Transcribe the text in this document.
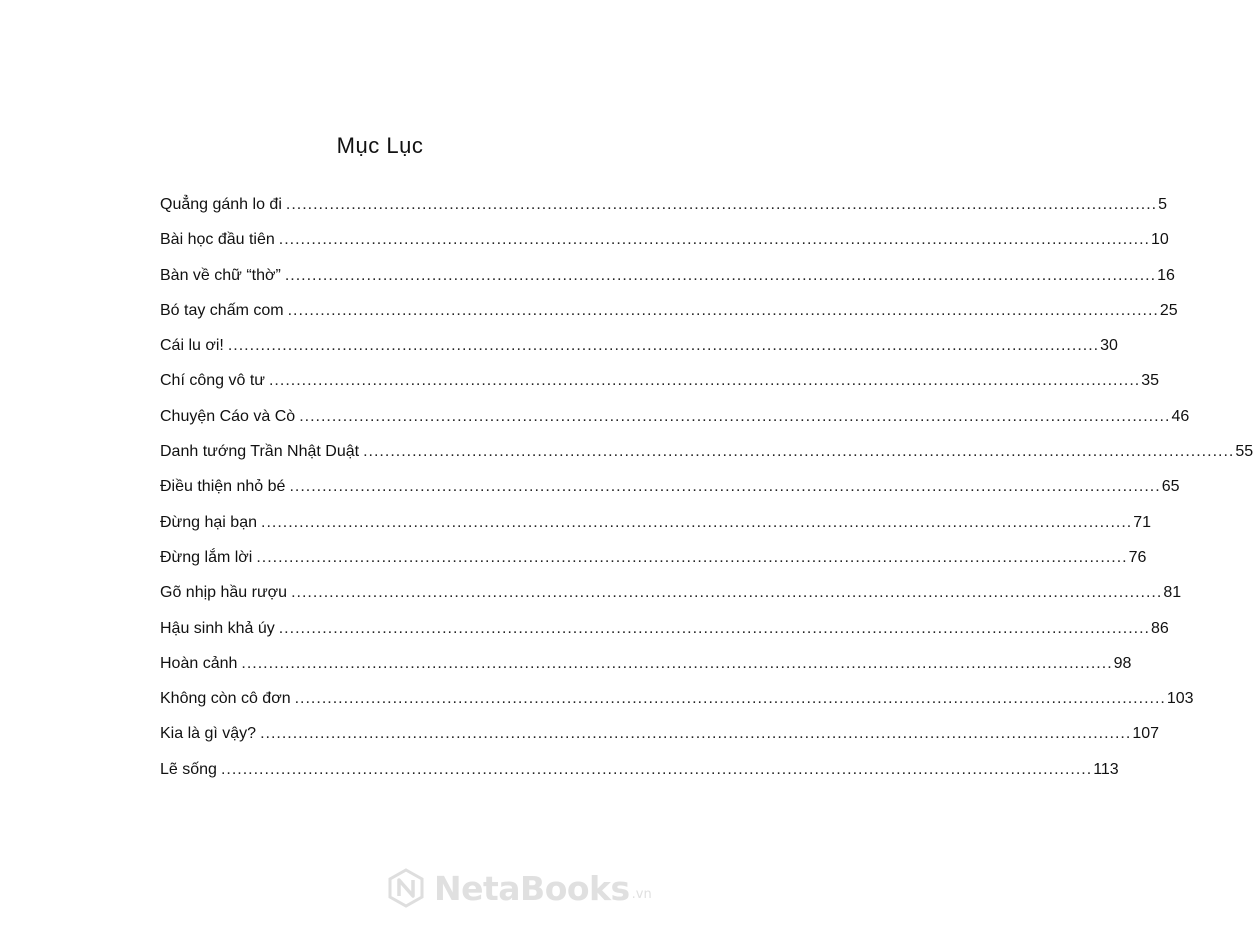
Mục Lục
Quẳng gánh lo đi ................................................................................................................................................................ 5
Bài học đầu tiên ................................................................................................................................................................ 10
Bàn về chữ “thờ” ................................................................................................................................................................ 16
Bó tay chấm com ................................................................................................................................................................ 25
Cái lu ơi! ................................................................................................................................................................ 30
Chí công vô tư ................................................................................................................................................................ 35
Chuyện Cáo và Cò ................................................................................................................................................................ 46
Danh tướng Trần Nhật Duật ................................................................................................................................................................ 55
Điều thiện nhỏ bé ................................................................................................................................................................ 65
Đừng hại bạn ................................................................................................................................................................ 71
Đừng lắm lời ................................................................................................................................................................ 76
Gõ nhịp hầu rượu ................................................................................................................................................................ 81
Hậu sinh khả úy ................................................................................................................................................................ 86
Hoàn cảnh ................................................................................................................................................................ 98
Không còn cô đơn ................................................................................................................................................................ 103
Kia là gì vậy? ................................................................................................................................................................ 107
Lẽ sống ................................................................................................................................................................ 113
NetaBooks .vn
